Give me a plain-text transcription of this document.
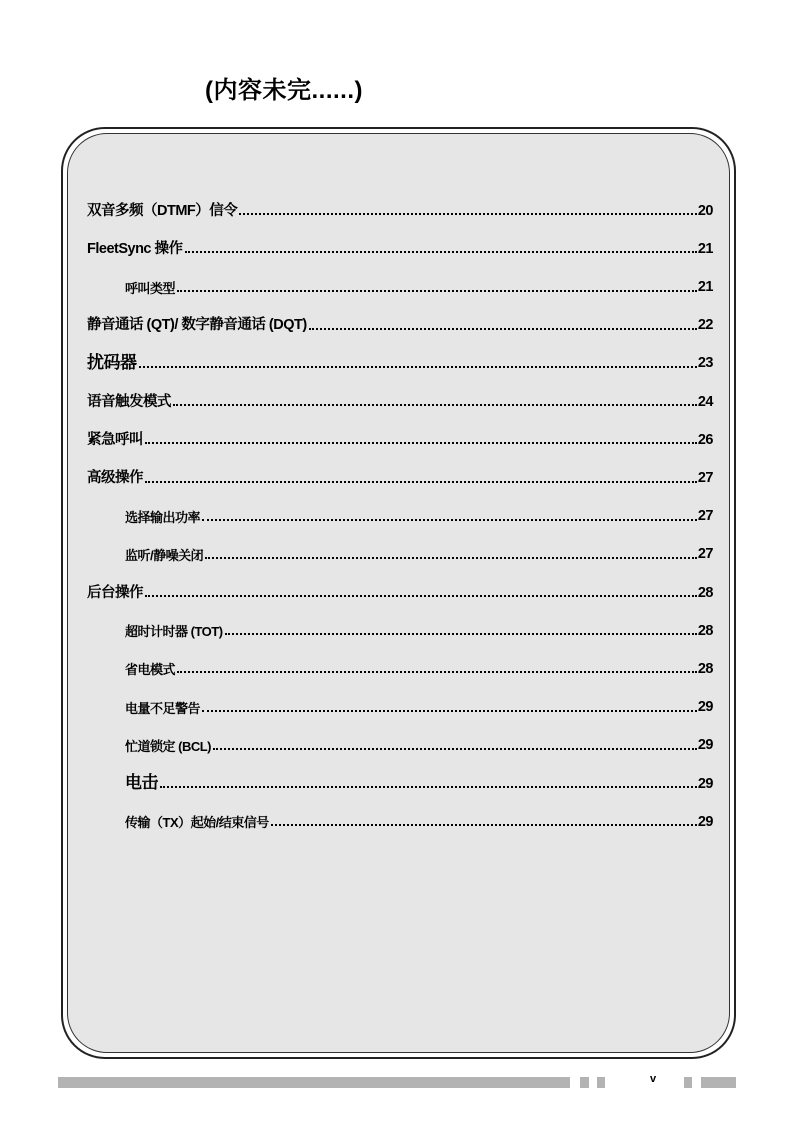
(内容未完......)
双音多频（DTMF）信令	20
FleetSync 操作	21
呼叫类型	21
静音通话 (QT)/ 数字静音通话 (DQT)	22
扰码器	23
语音触发模式	24
紧急呼叫	26
高级操作	27
选择输出功率	27
监听/静噪关闭	27
后台操作	28
超时计时器 (TOT)	28
省电模式	28
电量不足警告	29
忙道锁定 (BCL)	29
电击	29
传输（TX）起始/结束信号	29
v
